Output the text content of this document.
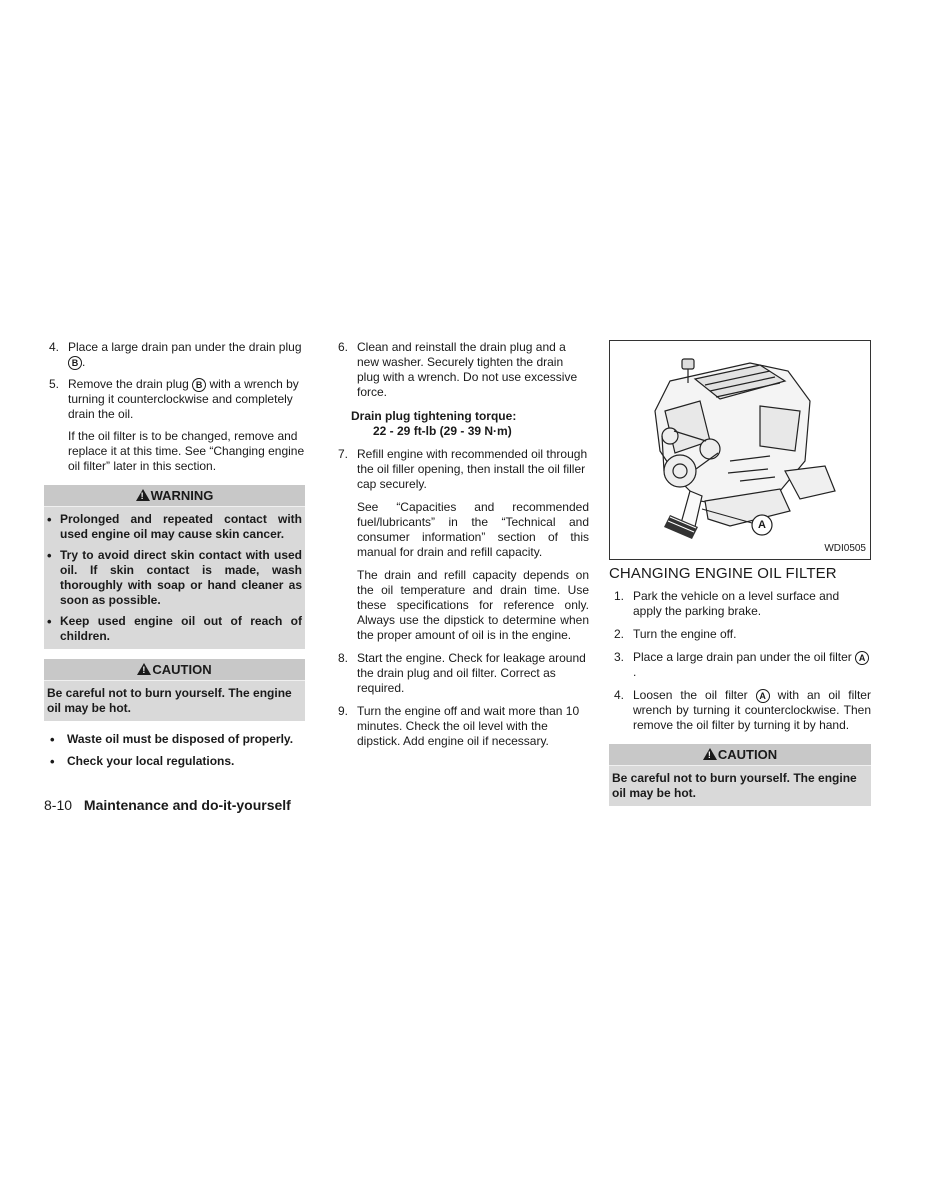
4. Place a large drain pan under the drain plug B .
5. Remove the drain plug B with a wrench by turning it counterclockwise and completely drain the oil.
If the oil filter is to be changed, remove and replace it at this time. See “Changing engine oil filter” later in this section.
! WARNING
• Prolonged and repeated contact with used engine oil may cause skin cancer.
• Try to avoid direct skin contact with used oil. If skin contact is made, wash thoroughly with soap or hand cleaner as soon as possible.
• Keep used engine oil out of reach of children.
! CAUTION
Be careful not to burn yourself. The engine oil may be hot.
• Waste oil must be disposed of properly.
• Check your local regulations.
6. Clean and reinstall the drain plug and a new washer. Securely tighten the drain plug with a wrench. Do not use excessive force.
Drain plug tightening torque:
22 - 29 ft-lb (29 - 39 N·m)
7. Refill engine with recommended oil through the oil filler opening, then install the oil filler cap securely.
See “Capacities and recommended fuel/lubricants” in the “Technical and consumer information” section of this manual for drain and refill capacity.
The drain and refill capacity depends on the oil temperature and drain time. Use these specifications for reference only. Always use the dipstick to determine when the proper amount of oil is in the engine.
8. Start the engine. Check for leakage around the drain plug and oil filter. Correct as required.
9. Turn the engine off and wait more than 10 minutes. Check the oil level with the dipstick. Add engine oil if necessary.
A
WDI0505
CHANGING ENGINE OIL FILTER
1. Park the vehicle on a level surface and apply the parking brake.
2. Turn the engine off.
3. Place a large drain pan under the oil filter A.
4. Loosen the oil filter A with an oil filter wrench by turning it counterclockwise. Then remove the oil filter by turning it by hand.
! CAUTION
Be careful not to burn yourself. The engine oil may be hot.
8-10 Maintenance and do-it-yourself
